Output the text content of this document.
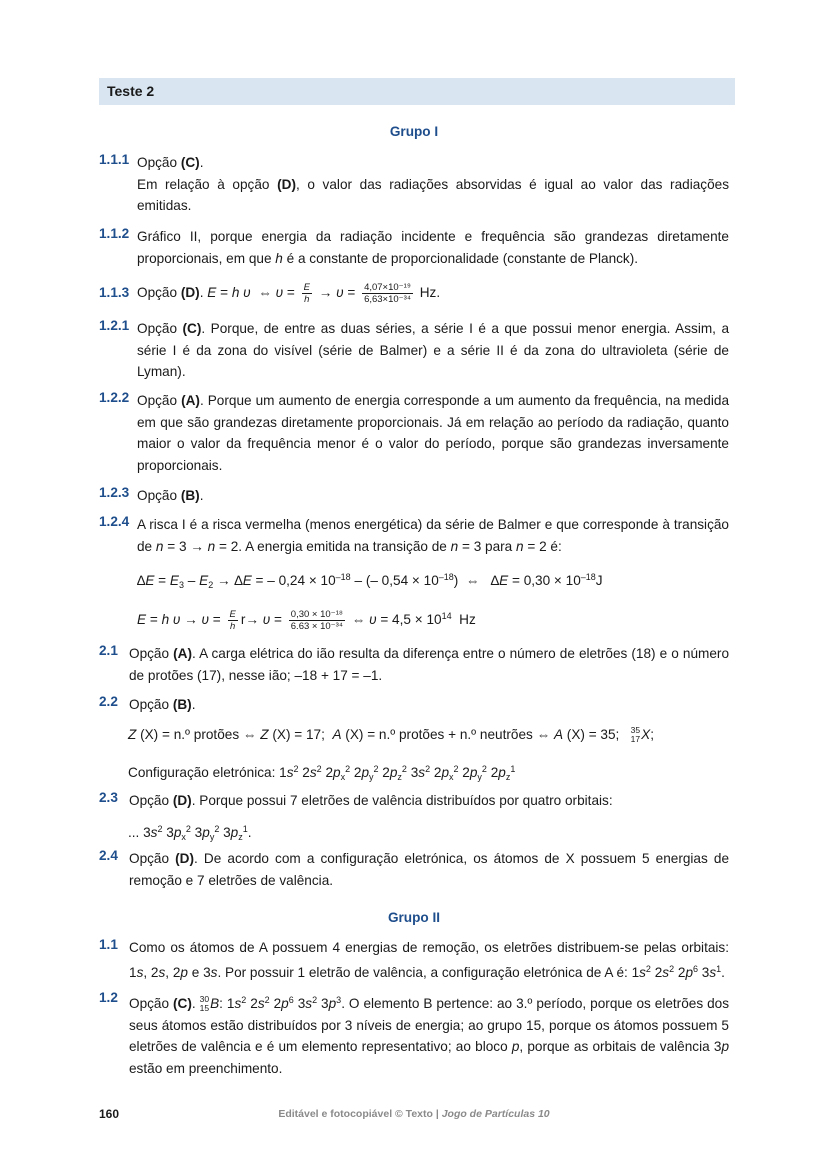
Teste 2
Grupo I
1.1.1 Opção (C).
Em relação à opção (D), o valor das radiações absorvidas é igual ao valor das radiações emitidas.
1.1.2 Gráfico II, porque energia da radiação incidente e frequência são grandezas diretamente proporcionais, em que h é a constante de proporcionalidade (constante de Planck).
1.1.3 Opção (D). E = h υ  ⇔ $\upsilon = \frac{E}{h} \to \upsilon = \frac{\text{4,07×10⁻¹⁹}}{\text{6,63×10⁻³⁴}} Hz$.
1.2.1 Opção (C). Porque, de entre as duas séries, a série I é a que possui menor energia. Assim, a série I é da zona do visível (série de Balmer) e a série II é da zona do ultravioleta (série de Lyman).
1.2.2 Opção (A). Porque um aumento de energia corresponde a um aumento da frequência, na medida em que são grandezas diretamente proporcionais. Já em relação ao período da radiação, quanto maior o valor da frequência menor é o valor do período, porque são grandezas inversamente proporcionais.
1.2.3 Opção (B).
1.2.4 A risca I é a risca vermelha (menos energética) da série de Balmer e que corresponde à transição de n = 3 → n = 2. A energia emitida na transição de n = 3 para n = 2 é:
$\Delta E = E_3 - E_2 \to \Delta E$ = – $0,24 \times 10^{-18}$ – (– $0,54 \times 10^{-18}$)  ⇔   $\Delta E = 0,30 \times 10^{-18}J$
E = h $\upsilon \to \upsilon = \frac{E}{h} r\to \upsilon = \frac{\text{0,30 × 10⁻¹⁸}}{\text{6.63 × 10⁻³⁴}}$ ⇔ $\upsilon = 4,5 \times 10^{14}$  Hz
2.1 Opção (A). A carga elétrica do ião resulta da diferença entre o número de eletrões (18) e o número de protões (17), nesse ião; –18 + 17 = –1.
2.2 Opção (B).
Z (X) = n.º protões ⇔ Z (X) = 17;  A (X) = n.º protões + n.º neutrões ⇔ A (X) = 35;   35
17X;
Configuração eletrónica: $1s^2$ $2s^2$ $2p_x^2$ $2p_y^2$ $2p_z^2$ $3s^2$ $2p_x^2$ $2p_y^2$ $2p_z^1$
2.3 Opção (D). Porque possui 7 eletrões de valência distribuídos por quatro orbitais:
... $3s^2$ $3p_x^2$ $3p_y^2$ $3p_z^1$.
2.4 Opção (D). De acordo com a configuração eletrónica, os átomos de X possuem 5 energias de remoção e 7 eletrões de valência.
Grupo II
1.1 Como os átomos de A possuem 4 energias de remoção, os eletrões distribuem-se pelas orbitais: 1s, 2s, 2p e 3s. Por possuir 1 eletrão de valência, a configuração eletrónica de A é: $1s^2$ $2s^2$ $2p^6$ $3s^1$.
1.2 Opção (C). 30
15B: $1s^2$ $2s^2$ $2p^6$ $3s^2$ $3p^3$. O elemento B pertence: ao 3.º período, porque os eletrões dos seus átomos estão distribuídos por 3 níveis de energia; ao grupo 15, porque os átomos possuem 5 eletrões de valência e é um elemento representativo; ao bloco p, porque as orbitais de valência 3p estão em preenchimento.
160	Editável e fotocopiável © Texto | Jogo de Partículas 10
